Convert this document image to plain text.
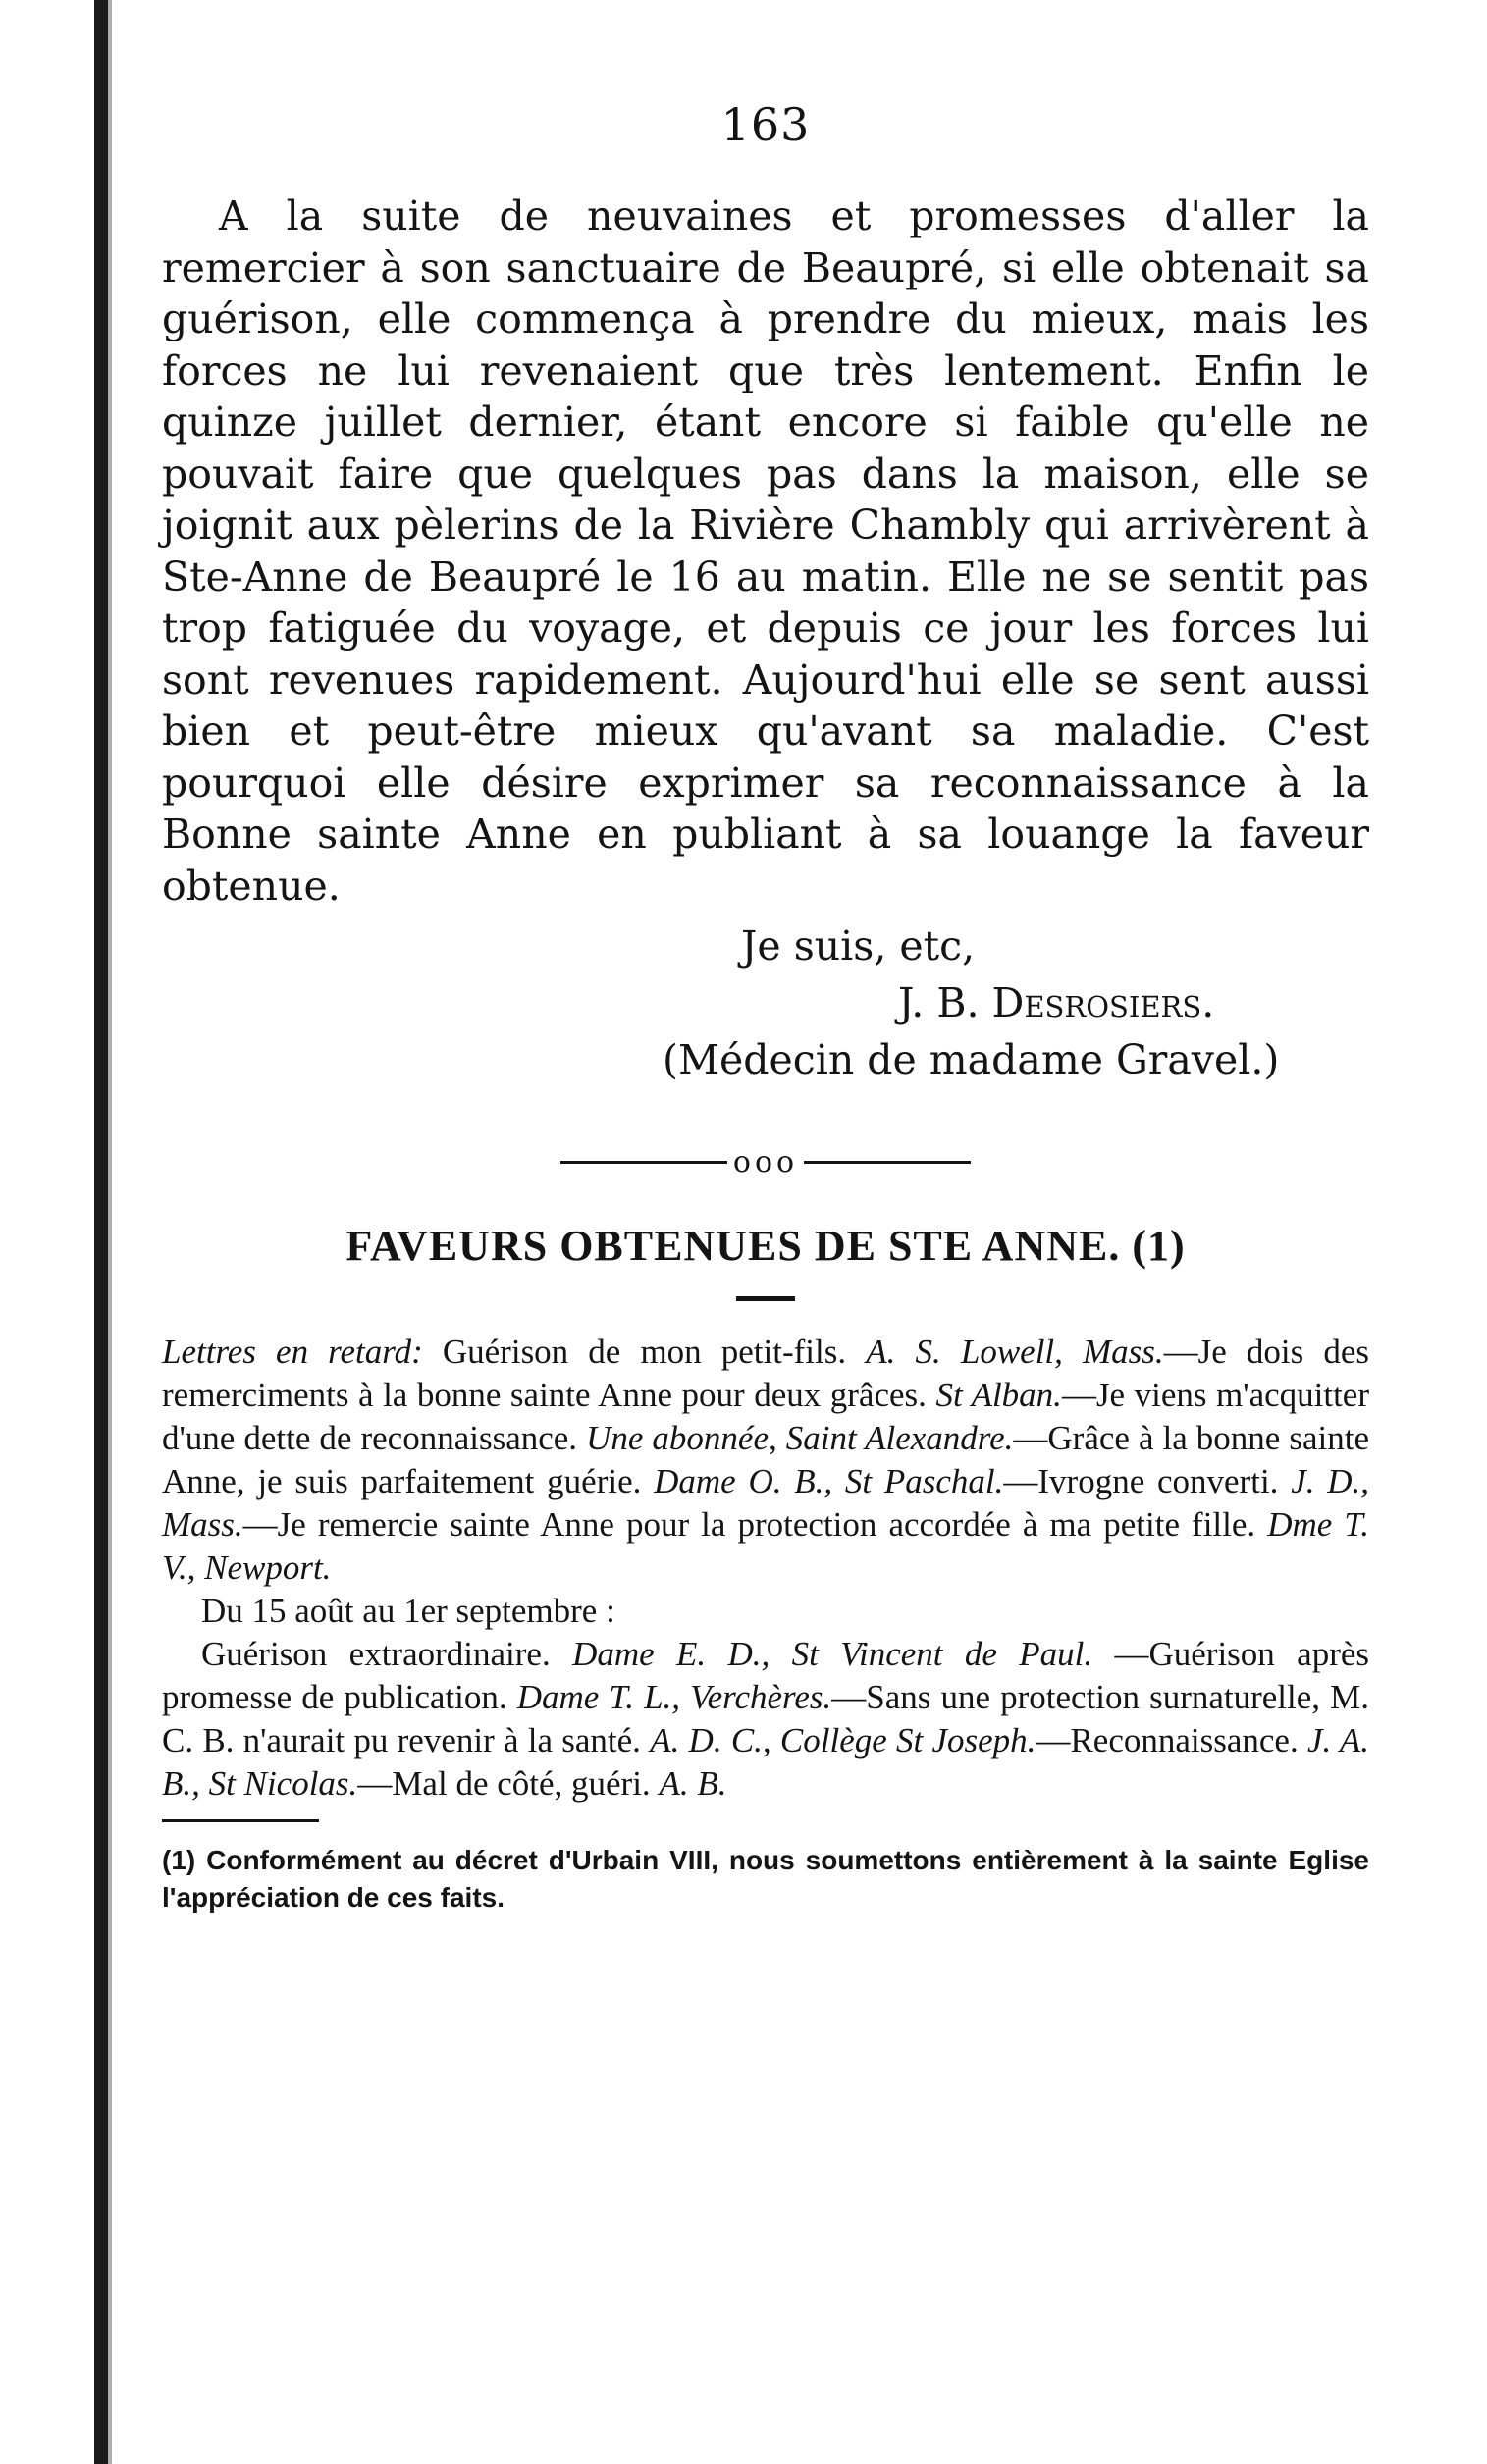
163

A la suite de neuvaines et promesses d'aller la remercier à son sanctuaire de Beaupré, si elle obtenait sa guérison, elle commença à prendre du mieux, mais les forces ne lui revenaient que très lentement. Enfin le quinze juillet dernier, étant encore si faible qu'elle ne pouvait faire que quelques pas dans la maison, elle se joignit aux pèlerins de la Rivière Chambly qui arrivèrent à Ste-Anne de Beaupré le 16 au matin. Elle ne se sentit pas trop fatiguée du voyage, et depuis ce jour les forces lui sont revenues rapidement. Aujourd'hui elle se sent aussi bien et peut-être mieux qu'avant sa maladie. C'est pourquoi elle désire exprimer sa reconnaissance à la Bonne sainte Anne en publiant à sa louange la faveur obtenue.

Je suis, etc,
J. B. Desrosiers.
(Médecin de madame Gravel.)
ooo
FAVEURS OBTENUES DE STE ANNE. (1)

Lettres en retard: Guérison de mon petit-fils. A. S. Lowell, Mass.—Je dois des remerciments à la bonne sainte Anne pour deux grâces. St Alban.—Je viens m'acquitter d'une dette de reconnaissance. Une abonnée, Saint Alexandre.—Grâce à la bonne sainte Anne, je suis parfaitement guérie. Dame O. B., St Paschal.—Ivrogne converti. J. D., Mass.—Je remercie sainte Anne pour la protection accordée à ma petite fille. Dme T. V., Newport.

Du 15 août au 1er septembre :

Guérison extraordinaire. Dame E. D., St Vincent de Paul. —Guérison après promesse de publication. Dame T. L., Verchères.—Sans une protection surnaturelle, M. C. B. n'aurait pu revenir à la santé. A. D. C., Collège St Joseph.—Reconnaissance. J. A. B., St Nicolas.—Mal de côté, guéri. A. B.

(1) Conformément au décret d'Urbain VIII, nous soumettons entièrement à la sainte Eglise l'appréciation de ces faits.
